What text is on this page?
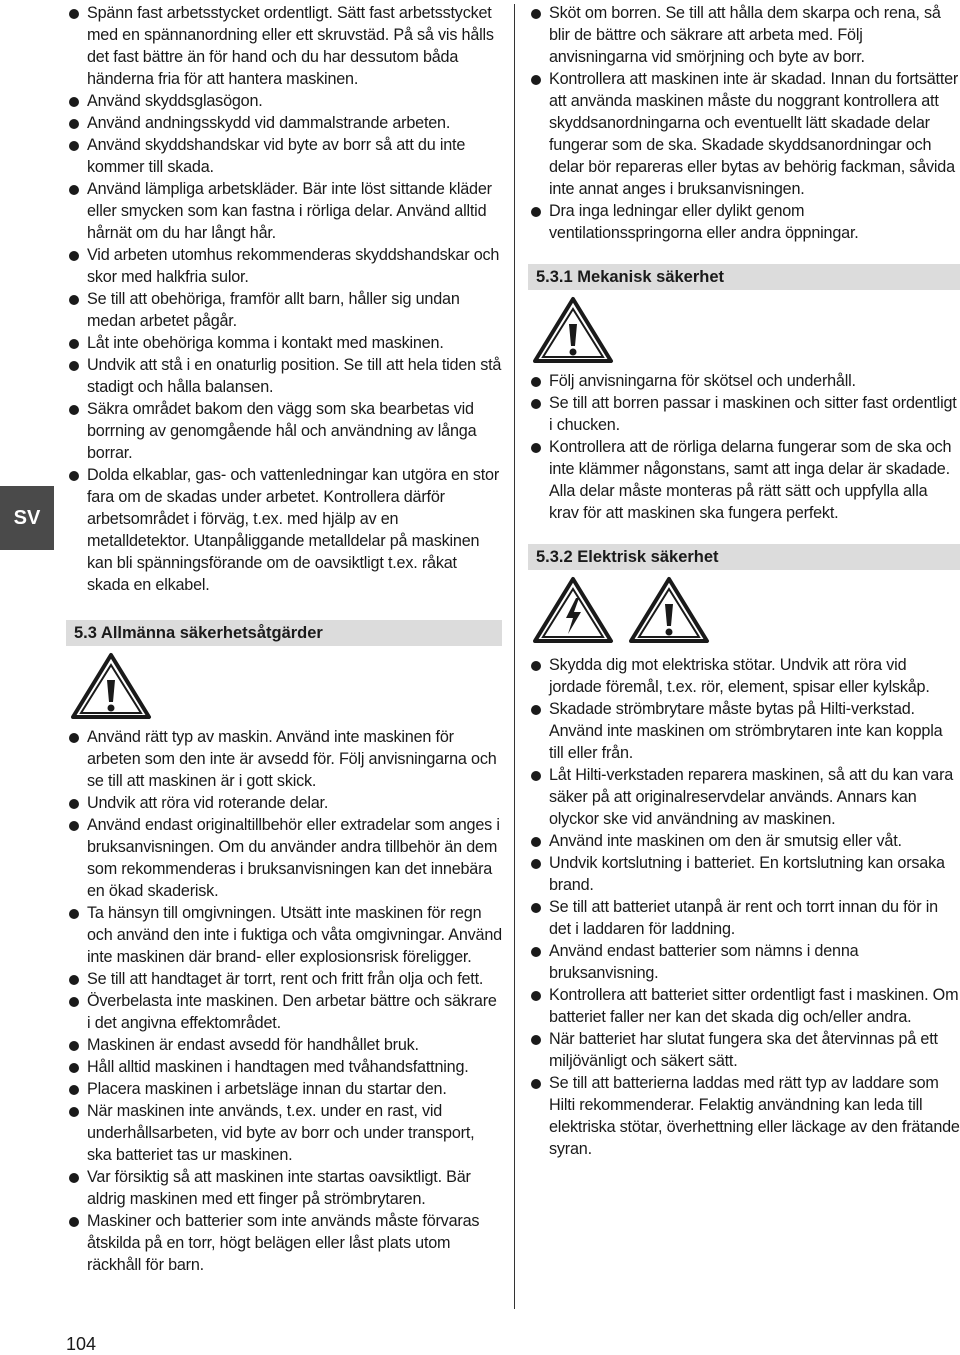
SV
Spänn fast arbetsstycket ordentligt. Sätt fast arbetsstycket med en spännanordning eller ett skruvstäd. På så vis hålls det fast bättre än för hand och du har dessutom båda händerna fria för att hantera maskinen.
Använd skyddsglasögon.
Använd andningsskydd vid dammalstrande arbeten.
Använd skyddshandskar vid byte av borr så att du inte kommer till skada.
Använd lämpliga arbetskläder. Bär inte löst sittande kläder eller smycken som kan fastna i rörliga delar. Använd alltid hårnät om du har långt hår.
Vid arbeten utomhus rekommenderas skyddshandskar och skor med halkfria sulor.
Se till att obehöriga, framför allt barn, håller sig undan medan arbetet pågår.
Låt inte obehöriga komma i kontakt med maskinen.
Undvik att stå i en onaturlig position. Se till att hela tiden stå stadigt och hålla balansen.
Säkra området bakom den vägg som ska bearbetas vid borrning av genomgående hål och användning av långa borrar.
Dolda elkablar, gas- och vattenledningar kan utgöra en stor fara om de skadas under arbetet. Kontrollera därför arbetsområdet i förväg, t.ex. med hjälp av en metalldetektor. Utanpåliggande metalldelar på maskinen kan bli spänningsförande om de oavsiktligt t.ex. råkat skada en elkabel.
5.3 Allmänna säkerhetsåtgärder
Använd rätt typ av maskin. Använd inte maskinen för arbeten som den inte är avsedd för. Följ anvisningarna och se till att maskinen är i gott skick.
Undvik att röra vid roterande delar.
Använd endast originaltillbehör eller extradelar som anges i bruksanvisningen. Om du använder andra tillbehör än dem som rekommenderas i bruksanvisningen kan det innebära en ökad skaderisk.
Ta hänsyn till omgivningen. Utsätt inte maskinen för regn och använd den inte i fuktiga och våta omgivningar. Använd inte maskinen där brand- eller explosionsrisk föreligger.
Se till att handtaget är torrt, rent och fritt från olja och fett.
Överbelasta inte maskinen. Den arbetar bättre och säkrare i det angivna effektområdet.
Maskinen är endast avsedd för handhållet bruk.
Håll alltid maskinen i handtagen med tvåhandsfattning.
Placera maskinen i arbetsläge innan du startar den.
När maskinen inte används, t.ex. under en rast, vid underhållsarbeten, vid byte av borr och under transport, ska batteriet tas ur maskinen.
Var försiktig så att maskinen inte startas oavsiktligt. Bär aldrig maskinen med ett finger på strömbrytaren.
Maskiner och batterier som inte används måste förvaras åtskilda på en torr, högt belägen eller låst plats utom räckhåll för barn.
Sköt om borren. Se till att hålla dem skarpa och rena, så blir de bättre och säkrare att arbeta med. Följ anvisningarna vid smörjning och byte av borr.
Kontrollera att maskinen inte är skadad. Innan du fortsätter att använda maskinen måste du noggrant kontrollera att skyddsanordningarna och eventuellt lätt skadade delar fungerar som de ska. Skadade skyddsanordningar och delar bör repareras eller bytas av behörig fackman, såvida inte annat anges i bruksanvisningen.
Dra inga ledningar eller dylikt genom ventilationsspringorna eller andra öppningar.
5.3.1 Mekanisk säkerhet
Följ anvisningarna för skötsel och underhåll.
Se till att borren passar i maskinen och sitter fast ordentligt i chucken.
Kontrollera att de rörliga delarna fungerar som de ska och inte klämmer någonstans, samt att inga delar är skadade. Alla delar måste monteras på rätt sätt och uppfylla alla krav för att maskinen ska fungera perfekt.
5.3.2 Elektrisk säkerhet
Skydda dig mot elektriska stötar. Undvik att röra vid jordade föremål, t.ex. rör, element, spisar eller kylskåp.
Skadade strömbrytare måste bytas på Hilti-verkstad. Använd inte maskinen om strömbrytaren inte kan koppla till eller från.
Låt Hilti-verkstaden reparera maskinen, så att du kan vara säker på att originalreservdelar används. Annars kan olyckor ske vid användning av maskinen.
Använd inte maskinen om den är smutsig eller våt.
Undvik kortslutning i batteriet. En kortslutning kan orsaka brand.
Se till att batteriet utanpå är rent och torrt innan du för in det i laddaren för laddning.
Använd endast batterier som nämns i denna bruksanvisning.
Kontrollera att batteriet sitter ordentligt fast i maskinen. Om batteriet faller ner kan det skada dig och/eller andra.
När batteriet har slutat fungera ska det återvinnas på ett miljövänligt och säkert sätt.
Se till att batterierna laddas med rätt typ av laddare som Hilti rekommenderar. Felaktig användning kan leda till elektriska stötar, överhettning eller läckage av den frätande syran.
104
